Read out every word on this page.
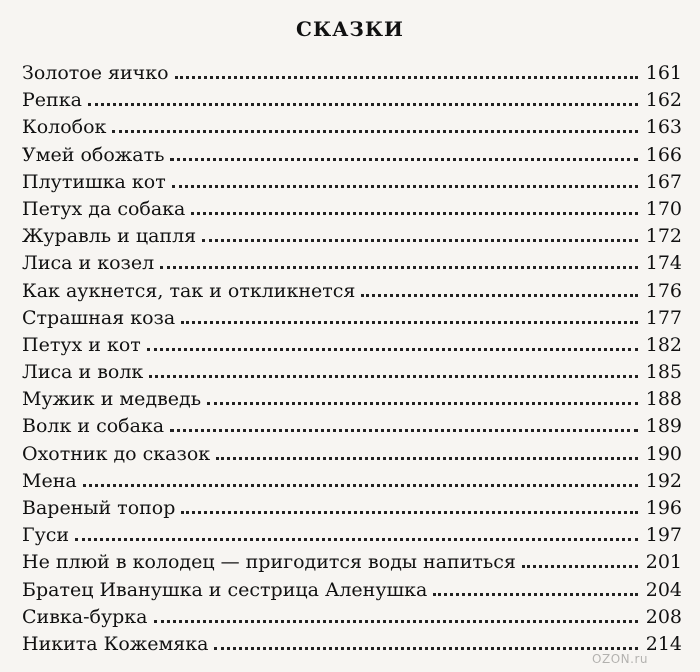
СКАЗКИ
Золотое яичко	161
Репка	162
Колобок	163
Умей обожать	166
Плутишка кот	167
Петух да собака	170
Журавль и цапля	172
Лиса и козел	174
Как аукнется, так и откликнется	176
Страшная коза	177
Петух и кот	182
Лиса и волк	185
Мужик и медведь	188
Волк и собака	189
Охотник до сказок	190
Мена	192
Вареный топор	196
Гуси	197
Не плюй в колодец — пригодится воды напиться	201
Братец Иванушка и сестрица Аленушка	204
Сивка-бурка	208
Никита Кожемяка	214
OZON.ru
